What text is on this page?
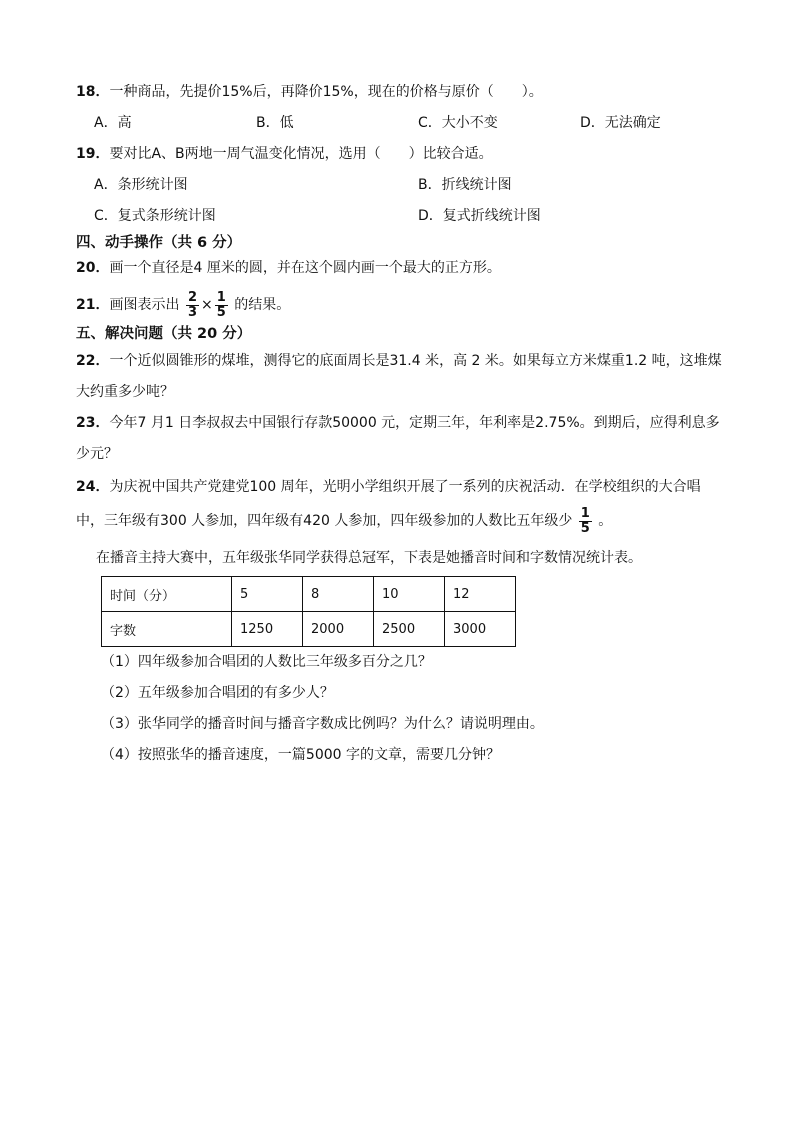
18．一种商品，先提价15%后，再降价15%，现在的价格与原价（　　）。
A．高	B．低	C．大小不变	D．无法确定
19．要对比A、B两地一周气温变化情况，选用（　　）比较合适。
A．条形统计图	B．折线统计图
C．复式条形统计图	D．复式折线统计图
四、动手操作（共 6 分）
20．画一个直径是4 厘米的圆，并在这个圆内画一个最大的正方形。
21．画图表示出 $\frac{2}{3} \times \frac{1}{5}$ 的结果。
五、解决问题（共 20 分）
22．一个近似圆锥形的煤堆，测得它的底面周长是31.4 米，高 2 米。如果每立方米煤重1.2 吨，这堆煤
大约重多少吨？
23．今年7 月1 日李叔叔去中国银行存款50000 元，定期三年，年利率是2.75%。到期后，应得利息多
少元？
24．为庆祝中国共产党建党100 周年，光明小学组织开展了一系列的庆祝活动．在学校组织的大合唱
中，三年级有300 人参加，四年级有420 人参加，四年级参加的人数比五年级少 $\frac{1}{5}$ 。
在播音主持大赛中，五年级张华同学获得总冠军，下表是她播音时间和字数情况统计表。
时间（分）	5	8	10	12
字数	1250	2000	2500	3000
（1）四年级参加合唱团的人数比三年级多百分之几？
（2）五年级参加合唱团的有多少人？
（3）张华同学的播音时间与播音字数成比例吗？为什么？请说明理由。
（4）按照张华的播音速度，一篇5000 字的文章，需要几分钟？
